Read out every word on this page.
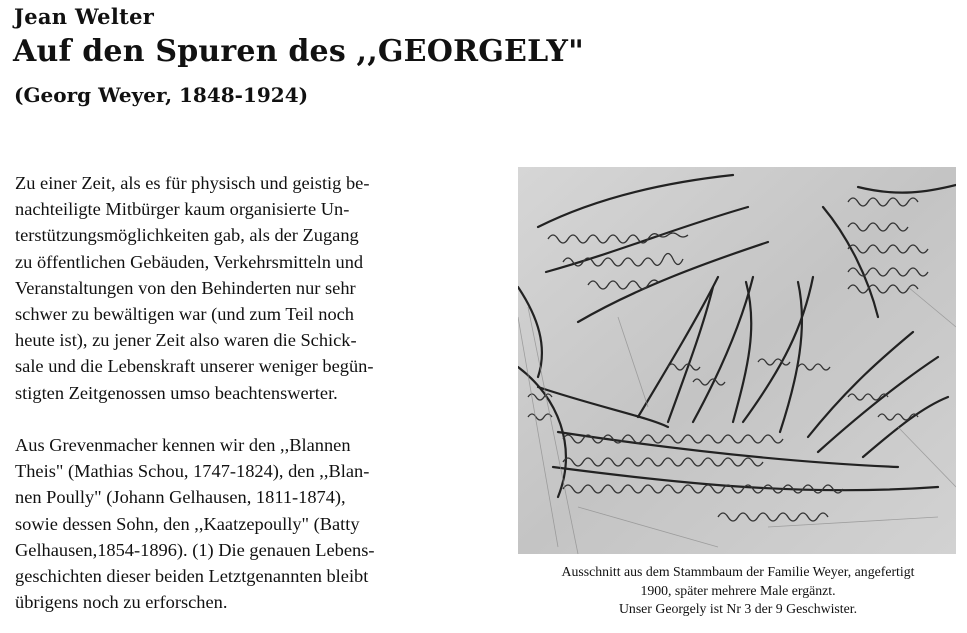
Jean Welter
Auf den Spuren des ,,GEORGELY"
(Georg Weyer, 1848-1924)
Zu einer Zeit, als es für physisch und geistig be-
nachteiligte Mitbürger kaum organisierte Un-
terstützungsmöglichkeiten gab, als der Zugang
zu öffentlichen Gebäuden, Verkehrsmitteln und
Veranstaltungen von den Behinderten nur sehr
schwer zu bewältigen war (und zum Teil noch
heute ist), zu jener Zeit also waren die Schick-
sale und die Lebenskraft unserer weniger begün-
stigten Zeitgenossen umso beachtenswerter.
Aus Grevenmacher kennen wir den ,,Blannen
Theis" (Mathias Schou, 1747-1824), den ,,Blan-
nen Poully" (Johann Gelhausen, 1811-1874),
sowie dessen Sohn, den ,,Kaatzepoully" (Batty
Gelhausen,1854-1896). (1) Die genauen Lebens-
geschichten dieser beiden Letztgenannten bleibt
übrigens noch zu erforschen.
Ausschnitt aus dem Stammbaum der Familie Weyer, angefertigt
1900, später mehrere Male ergänzt.
Unser Georgely ist Nr 3 der 9 Geschwister.
